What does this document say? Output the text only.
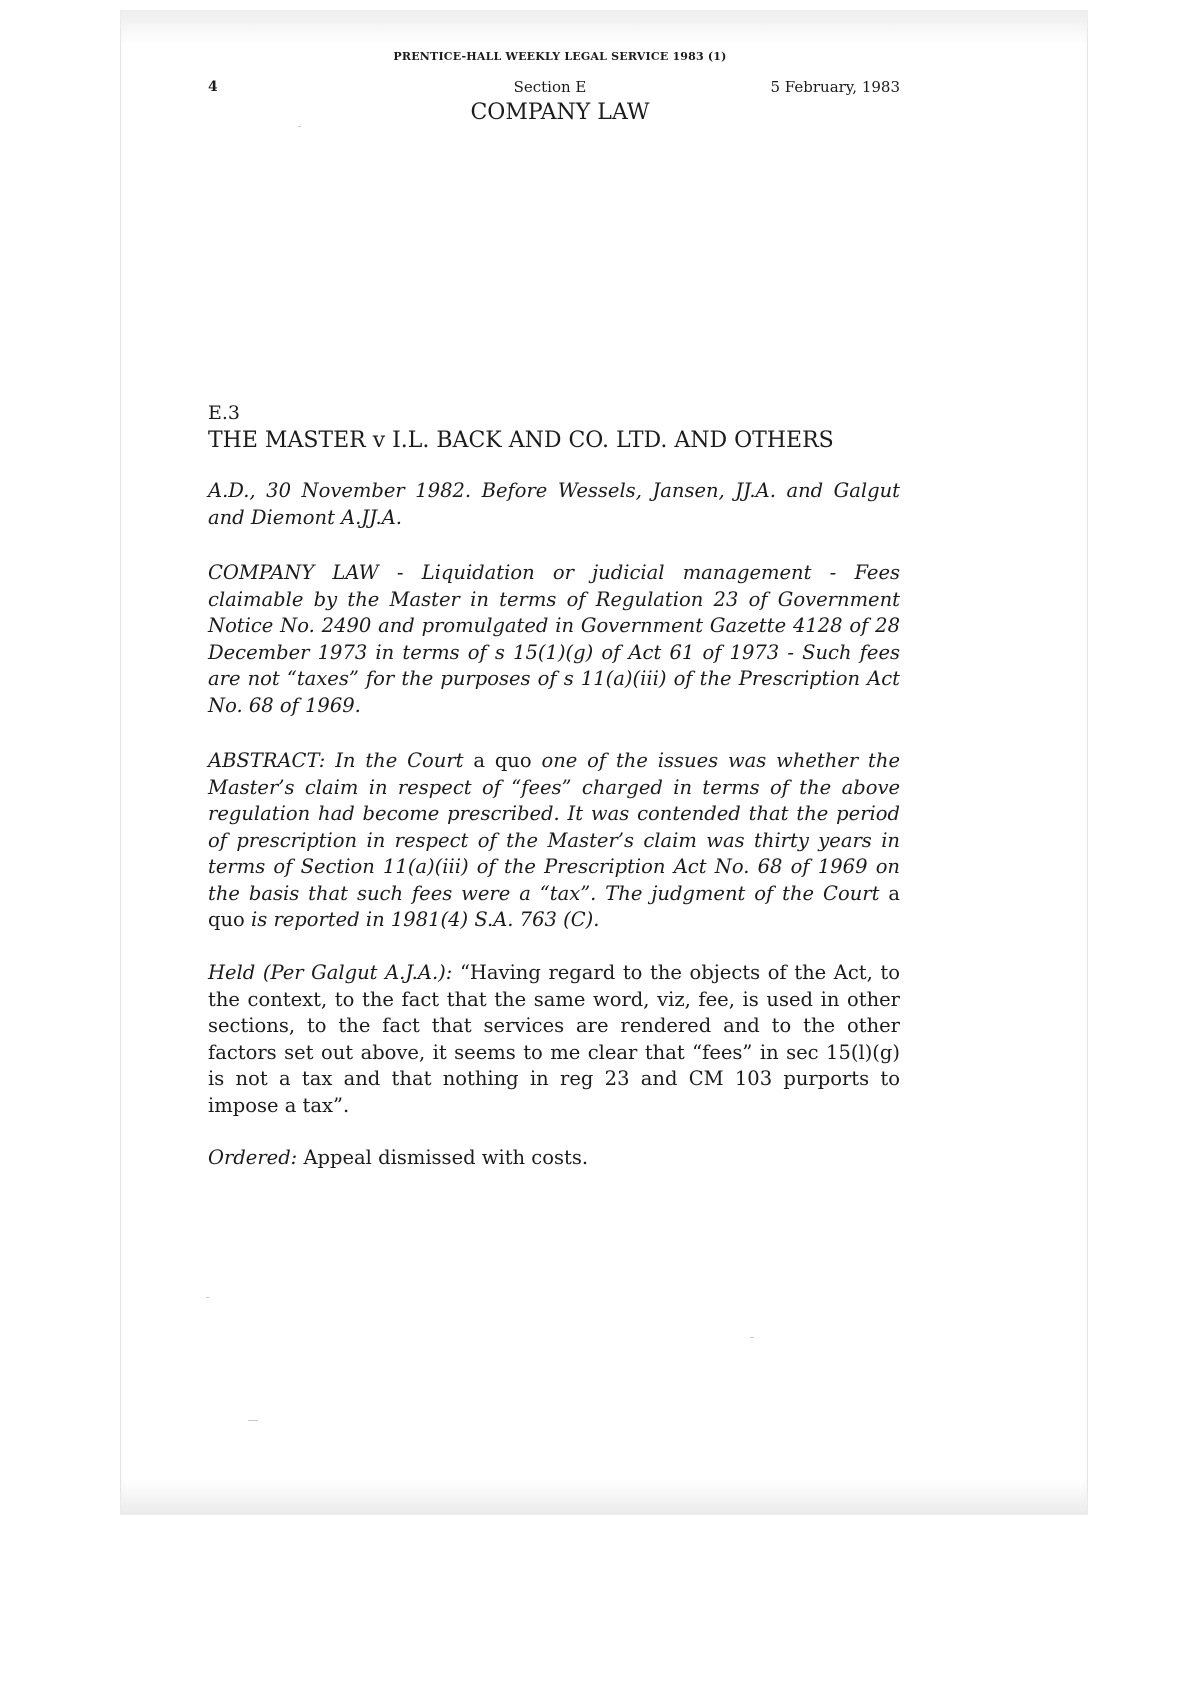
PRENTICE-HALL WEEKLY LEGAL SERVICE 1983 (1)
4	Section E	5 February, 1983
COMPANY LAW
E.3
THE MASTER v I.L. BACK AND CO. LTD. AND OTHERS

A.D., 30 November 1982. Before Wessels, Jansen, JJ.A. and Galgut and Diemont A.JJ.A.

COMPANY LAW - Liquidation or judicial management - Fees claimable by the Master in terms of Regulation 23 of Government Notice No. 2490 and promulgated in Government Gazette 4128 of 28 December 1973 in terms of s 15(1)(g) of Act 61 of 1973 - Such fees are not “taxes” for the purposes of s 11(a)(iii) of the Prescription Act No. 68 of 1969.

ABSTRACT: In the Court a quo one of the issues was whether the Master’s claim in respect of “fees” charged in terms of the above regulation had become prescribed. It was contended that the period of prescription in respect of the Master’s claim was thirty years in terms of Section 11(a)(iii) of the Prescription Act No. 68 of 1969 on the basis that such fees were a “tax”. The judgment of the Court a quo is reported in 1981(4) S.A. 763 (C).

Held (Per Galgut A.J.A.): “Having regard to the objects of the Act, to the context, to the fact that the same word, viz, fee, is used in other sections, to the fact that services are rendered and to the other factors set out above, it seems to me clear that “fees” in sec 15(l)(g) is not a tax and that nothing in reg 23 and CM 103 purports to impose a tax”.

Ordered: Appeal dismissed with costs.
